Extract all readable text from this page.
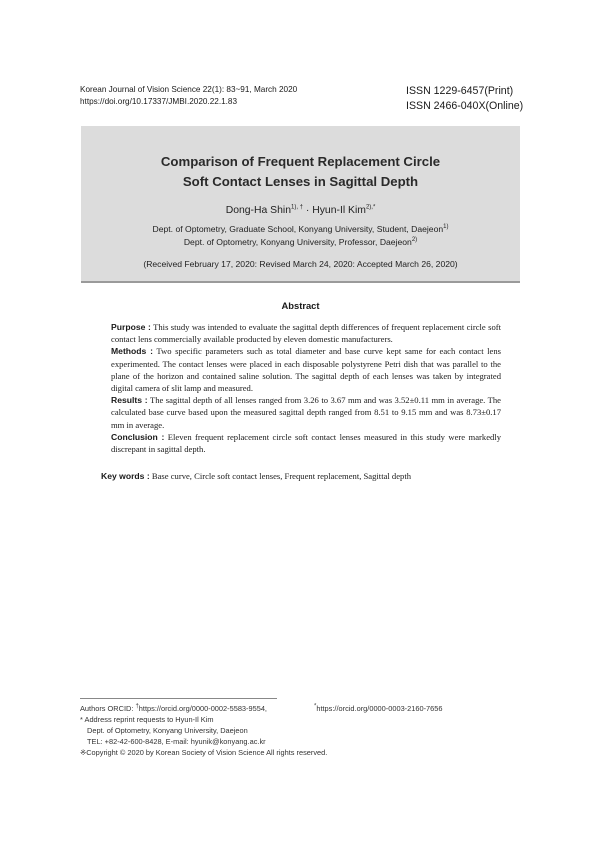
Korean Journal of Vision Science 22(1): 83~91, March 2020
https://doi.org/10.17337/JMBI.2020.22.1.83
ISSN 1229-6457(Print)
ISSN 2466-040X(Online)
Comparison of Frequent Replacement Circle
Soft Contact Lenses in Sagittal Depth
Dong-Ha Shin$^{1), \dagger}$ · Hyun-Il Kim$^{2),*}$
Dept. of Optometry, Graduate School, Konyang University, Student, Daejeon$^{1)}$
Dept. of Optometry, Konyang University, Professor, Daejeon$^{2)}$
(Received February 17, 2020: Revised March 24, 2020: Accepted March 26, 2020)
Abstract

Purpose : This study was intended to evaluate the sagittal depth differences of frequent replacement circle soft contact lens commercially available producted by eleven domestic manufacturers.

Methods : Two specific parameters such as total diameter and base curve kept same for each contact lens experimented. The contact lenses were placed in each disposable polystyrene Petri dish that was parallel to the plane of the horizon and contained saline solution. The sagittal depth of each lenses was taken by integrated digital camera of slit lamp and measured.

Results : The sagittal depth of all lenses ranged from 3.26 to 3.67 mm and was 3.52±0.11 mm in average. The calculated base curve based upon the measured sagittal depth ranged from 8.51 to 9.15 mm and was 8.73±0.17 mm in average.

Conclusion : Eleven frequent replacement circle soft contact lenses measured in this study were markedly discrepant in sagittal depth.

Key words : Base curve, Circle soft contact lenses, Frequent replacement, Sagittal depth
Authors ORCID: †https://orcid.org/0000-0002-5583-9554,
* Address reprint requests to Hyun-Il Kim
Dept. of Optometry, Konyang University, Daejeon
TEL: +82-42-600-8428, E-mail: hyunik@konyang.ac.kr
※Copyright © 2020 by Korean Society of Vision Science All rights reserved.
*https://orcid.org/0000-0003-2160-7656
